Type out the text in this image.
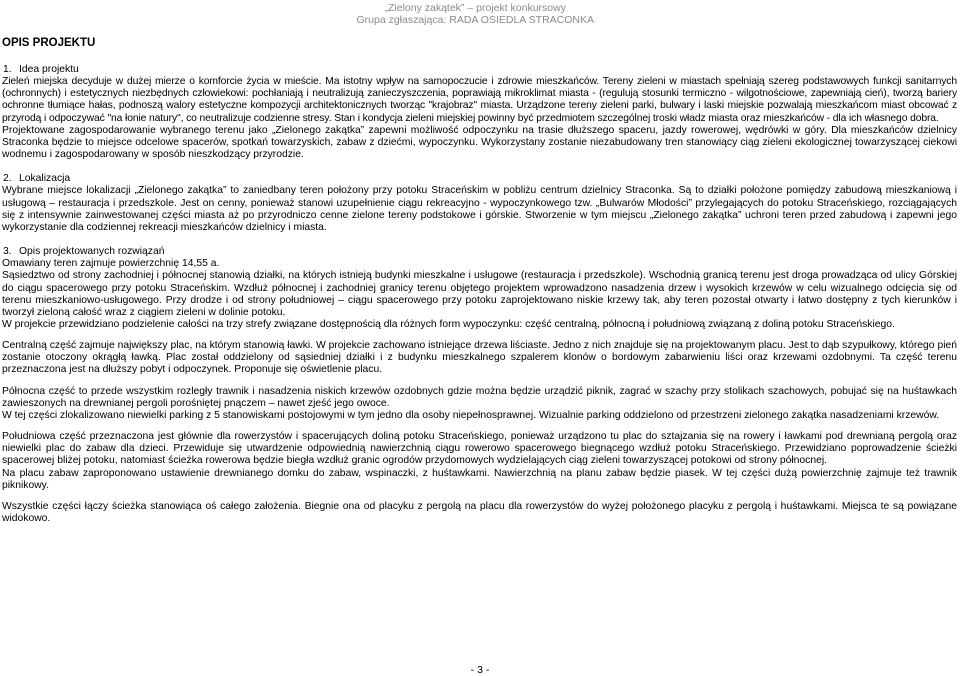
„Zielony zakątek” – projekt konkursowy
Grupa zgłaszająca: RADA OSIEDLA STRACONKA
OPIS PROJEKTU
1. Idea projektu

Zieleń miejska decyduje w dużej mierze o komforcie życia w mieście. Ma istotny wpływ na samopoczucie i zdrowie mieszkańców. Tereny zieleni w miastach spełniają szereg podstawowych funkcji sanitarnych (ochronnych) i estetycznych niezbędnych człowiekowi: pochłaniają i neutralizują zanieczyszczenia, poprawiają mikroklimat miasta - (regulują stosunki termiczno - wilgotnościowe, zapewniają cień), tworzą bariery ochronne tłumiące hałas, podnoszą walory estetyczne kompozycji architektonicznych tworząc "krajobraz" miasta. Urządzone tereny zieleni parki, bulwary i laski miejskie pozwalają mieszkańcom miast obcować z przyrodą i odpoczywać "na łonie natury", co neutralizuje codzienne stresy. Stan i kondycja zieleni miejskiej powinny być przedmiotem szczególnej troski władz miasta oraz mieszkańców - dla ich własnego dobra.

Projektowane zagospodarowanie wybranego terenu jako „Zielonego zakątka” zapewni możliwość odpoczynku na trasie dłuższego spaceru, jazdy rowerowej, wędrówki w góry. Dla mieszkańców dzielnicy Straconka będzie to miejsce odcelowe spacerów, spotkań towarzyskich, zabaw z dziećmi, wypoczynku. Wykorzystany zostanie niezabudowany tren stanowiący ciąg zieleni ekologicznej towarzyszącej ciekowi wodnemu i zagospodarowany w sposób nieszkodzący przyrodzie.

2. Lokalizacja

Wybrane miejsce lokalizacji „Zielonego zakątka” to zaniedbany teren położony przy potoku Straceńskim w pobliżu centrum dzielnicy Straconka. Są to działki położone pomiędzy zabudową mieszkaniową i usługową – restauracja i przedszkole. Jest on cenny, ponieważ stanowi uzupełnienie ciągu rekreacyjno - wypoczynkowego tzw. „Bulwarów Młodości” przylegających do potoku Straceńskiego, rozciągających się z intensywnie zainwestowanej części miasta aż po przyrodniczo cenne zielone tereny podstokowe i górskie. Stworzenie w tym miejscu „Zielonego zakątka” uchroni teren przed zabudową i zapewni jego wykorzystanie dla codziennej rekreacji mieszkańców dzielnicy i miasta.

3. Opis projektowanych rozwiązań

Omawiany teren zajmuje powierzchnię 14,55 a.

Sąsiedztwo od strony zachodniej i północnej stanowią działki, na których istnieją budynki mieszkalne i usługowe (restauracja i przedszkole). Wschodnią granicą terenu jest droga prowadząca od ulicy Górskiej do ciągu spacerowego przy potoku Straceńskim. Wzdłuż północnej i zachodniej granicy terenu objętego projektem wprowadzono nasadzenia drzew i wysokich krzewów w celu wizualnego odcięcia się od terenu mieszkaniowo-usługowego. Przy drodze i od strony południowej – ciągu spacerowego przy potoku zaprojektowano niskie krzewy tak, aby teren pozostał otwarty i łatwo dostępny z tych kierunków i tworzył zieloną całość wraz z ciągiem zieleni w dolinie potoku.

W projekcie przewidziano podzielenie całości na trzy strefy związane dostępnością dla różnych form wypoczynku: część centralną, północną i południową związaną z doliną potoku Straceńskiego.

Centralną część zajmuje największy plac, na którym stanowią ławki. W projekcie zachowano istniejące drzewa liściaste. Jedno z nich znajduje się na projektowanym placu. Jest to dąb szypułkowy, którego pień zostanie otoczony okrągłą ławką. Plac został oddzielony od sąsiedniej działki i z budynku mieszkalnego szpalerem klonów o bordowym zabarwieniu liści oraz krzewami ozdobnymi. Ta część terenu przeznaczona jest na dłuższy pobyt i odpoczynek. Proponuje się oświetlenie placu.

Północna część to przede wszystkim rozległy trawnik i nasadzenia niskich krzewów ozdobnych gdzie można będzie urządzić piknik, zagrać w szachy przy stolikach szachowych, pobujać się na huśtawkach zawieszonych na drewnianej pergoli porośniętej pnączem – nawet zjeść jego owoce.

W tej części zlokalizowano niewielki parking z 5 stanowiskami postojowymi w tym jedno dla osoby niepełnosprawnej. Wizualnie parking oddzielono od przestrzeni zielonego zakątka nasadzeniami krzewów.

Południowa część przeznaczona jest głównie dla rowerzystów i spacerujących doliną potoku Straceńskiego, ponieważ urządzono tu plac do sztajzania się na rowery i ławkami pod drewnianą pergolą oraz niewielki plac do zabaw dla dzieci. Przewiduje się utwardzenie odpowiednią nawierzchnią ciągu rowerowo spacerowego biegnącego wzdłuż potoku Straceńskiego. Przewidziano poprowadzenie ścieżki spacerowej bliżej potoku, natomiast ścieżka rowerowa będzie biegła wzdłuż granic ogrodów przydomowych wydzielających ciąg zieleni towarzyszącej potokowi od strony północnej.

Na placu zabaw zaproponowano ustawienie drewnianego domku do zabaw, wspinaczki, z huśtawkami. Nawierzchnią na planu zabaw będzie piasek. W tej części dużą powierzchnię zajmuje też trawnik piknikowy.

Wszystkie części łączy ścieżka stanowiąca oś całego założenia. Biegnie ona od placyku z pergolą na placu dla rowerzystów do wyżej położonego placyku z pergolą i huśtawkami. Miejsca te są powiązane widokowo.

- 3 -
